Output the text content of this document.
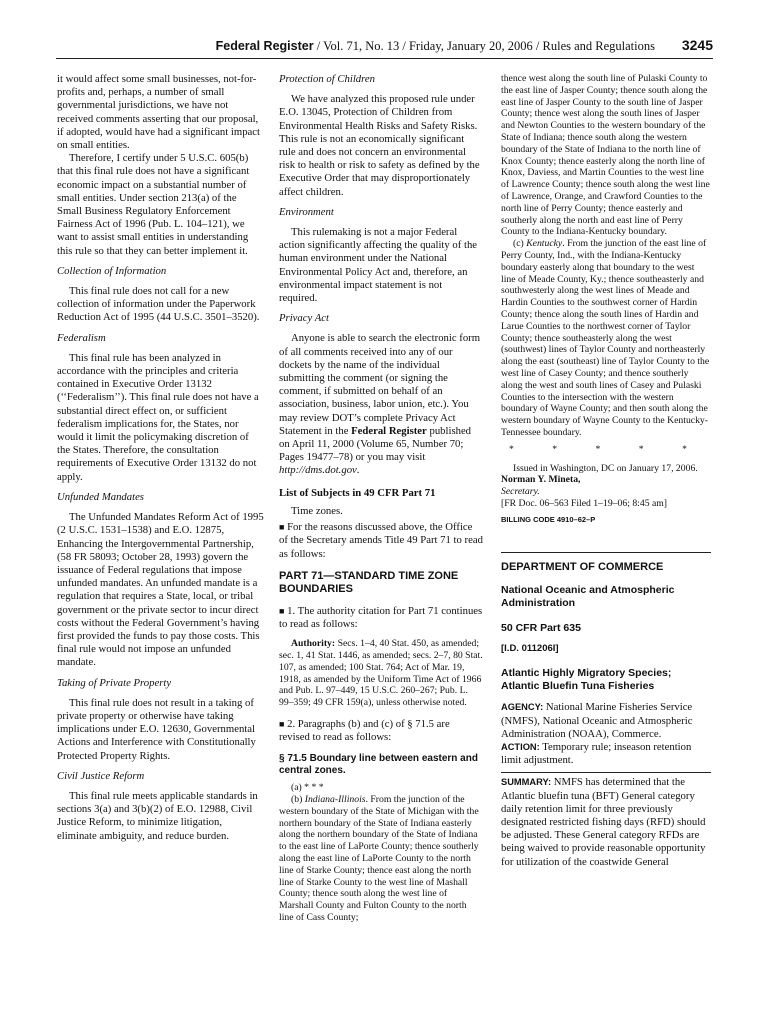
Federal Register / Vol. 71, No. 13 / Friday, January 20, 2006 / Rules and Regulations 3245

it would affect some small businesses, not-for-profits and, perhaps, a number of small governmental jurisdictions, we have not received comments asserting that our proposal, if adopted, would have had a significant impact on small entities.

Therefore, I certify under 5 U.S.C. 605(b) that this final rule does not have a significant economic impact on a substantial number of small entities. Under section 213(a) of the Small Business Regulatory Enforcement Fairness Act of 1996 (Pub. L. 104–121), we want to assist small entities in understanding this rule so that they can better implement it.

Collection of Information

This final rule does not call for a new collection of information under the Paperwork Reduction Act of 1995 (44 U.S.C. 3501–3520).

Federalism

This final rule has been analyzed in accordance with the principles and criteria contained in Executive Order 13132 (‘‘Federalism’’). This final rule does not have a substantial direct effect on, or sufficient federalism implications for, the States, nor would it limit the policymaking discretion of the States. Therefore, the consultation requirements of Executive Order 13132 do not apply.

Unfunded Mandates

The Unfunded Mandates Reform Act of 1995 (2 U.S.C. 1531–1538) and E.O. 12875, Enhancing the Intergovernmental Partnership, (58 FR 58093; October 28, 1993) govern the issuance of Federal regulations that impose unfunded mandates. An unfunded mandate is a regulation that requires a State, local, or tribal government or the private sector to incur direct costs without the Federal Government’s having first provided the funds to pay those costs. This final rule would not impose an unfunded mandate.

Taking of Private Property

This final rule does not result in a taking of private property or otherwise have taking implications under E.O. 12630, Governmental Actions and Interference with Constitutionally Protected Property Rights.

Civil Justice Reform

This final rule meets applicable standards in sections 3(a) and 3(b)(2) of E.O. 12988, Civil Justice Reform, to minimize litigation, eliminate ambiguity, and reduce burden.

Protection of Children

We have analyzed this proposed rule under E.O. 13045, Protection of Children from Environmental Health Risks and Safety Risks. This rule is not an economically significant rule and does not concern an environmental risk to health or risk to safety as defined by the Executive Order that may disproportionately affect children.

Environment

This rulemaking is not a major Federal action significantly affecting the quality of the human environment under the National Environmental Policy Act and, therefore, an environmental impact statement is not required.

Privacy Act

Anyone is able to search the electronic form of all comments received into any of our dockets by the name of the individual submitting the comment (or signing the comment, if submitted on behalf of an association, business, labor union, etc.). You may review DOT’s complete Privacy Act Statement in the Federal Register published on April 11, 2000 (Volume 65, Number 70; Pages 19477–78) or you may visit http://dms.dot.gov.

List of Subjects in 49 CFR Part 71

Time zones.

■ For the reasons discussed above, the Office of the Secretary amends Title 49 Part 71 to read as follows:

PART 71—STANDARD TIME ZONE BOUNDARIES

■ 1. The authority citation for Part 71 continues to read as follows:

Authority: Secs. 1–4, 40 Stat. 450, as amended; sec. 1, 41 Stat. 1446, as amended; secs. 2–7, 80 Stat. 107, as amended; 100 Stat. 764; Act of Mar. 19, 1918, as amended by the Uniform Time Act of 1966 and Pub. L. 97–449, 15 U.S.C. 260–267; Pub. L. 99–359; 49 CFR 159(a), unless otherwise noted.

■ 2. Paragraphs (b) and (c) of § 71.5 are revised to read as follows:

§ 71.5 Boundary line between eastern and central zones.

(a) * * *

(b) Indiana-Illinois. From the junction of the western boundary of the State of Michigan with the northern boundary of the State of Indiana easterly along the northern boundary of the State of Indiana to the east line of LaPorte County; thence southerly along the east line of LaPorte County to the north line of Starke County; thence east along the north line of Starke County to the west line of Mashall County; thence south along the west line of Marshall County and Fulton County to the north line of Cass County;

thence west along the south line of Pulaski County to the east line of Jasper County; thence south along the east line of Jasper County to the south line of Jasper County; thence west along the south lines of Jasper and Newton Counties to the western boundary of the State of Indiana; thence south along the western boundary of the State of Indiana to the north line of Knox County; thence easterly along the north line of Knox, Daviess, and Martin Counties to the west line of Lawrence County; thence south along the west line of Lawrence, Orange, and Crawford Counties to the north line of Perry County; thence easterly and southerly along the north and east line of Perry County to the Indiana-Kentucky boundary.

(c) Kentucky. From the junction of the east line of Perry County, Ind., with the Indiana-Kentucky boundary easterly along that boundary to the west line of Meade County, Ky.; thence southeasterly and southwesterly along the west lines of Meade and Hardin Counties to the southwest corner of Hardin County; thence along the south lines of Hardin and Larue Counties to the northwest corner of Taylor County; thence southeasterly along the west (southwest) lines of Taylor County and northeasterly along the east (southeast) line of Taylor County to the west line of Casey County; and thence southerly along the west and south lines of Casey and Pulaski Counties to the intersection with the western boundary of Wayne County; and then south along the western boundary of Wayne County to the Kentucky-Tennessee boundary.

* * * * *

Issued in Washington, DC on January 17, 2006.

Norman Y. Mineta,

Secretary.

[FR Doc. 06–563 Filed 1–19–06; 8:45 am]

BILLING CODE 4910–62–P

DEPARTMENT OF COMMERCE

National Oceanic and Atmospheric Administration

50 CFR Part 635

[I.D. 011206I]

Atlantic Highly Migratory Species; Atlantic Bluefin Tuna Fisheries

AGENCY: National Marine Fisheries Service (NMFS), National Oceanic and Atmospheric Administration (NOAA), Commerce.

ACTION: Temporary rule; inseason retention limit adjustment.

SUMMARY: NMFS has determined that the Atlantic bluefin tuna (BFT) General category daily retention limit for three previously designated restricted fishing days (RFD) should be adjusted. These General category RFDs are being waived to provide reasonable opportunity for utilization of the coastwide General
